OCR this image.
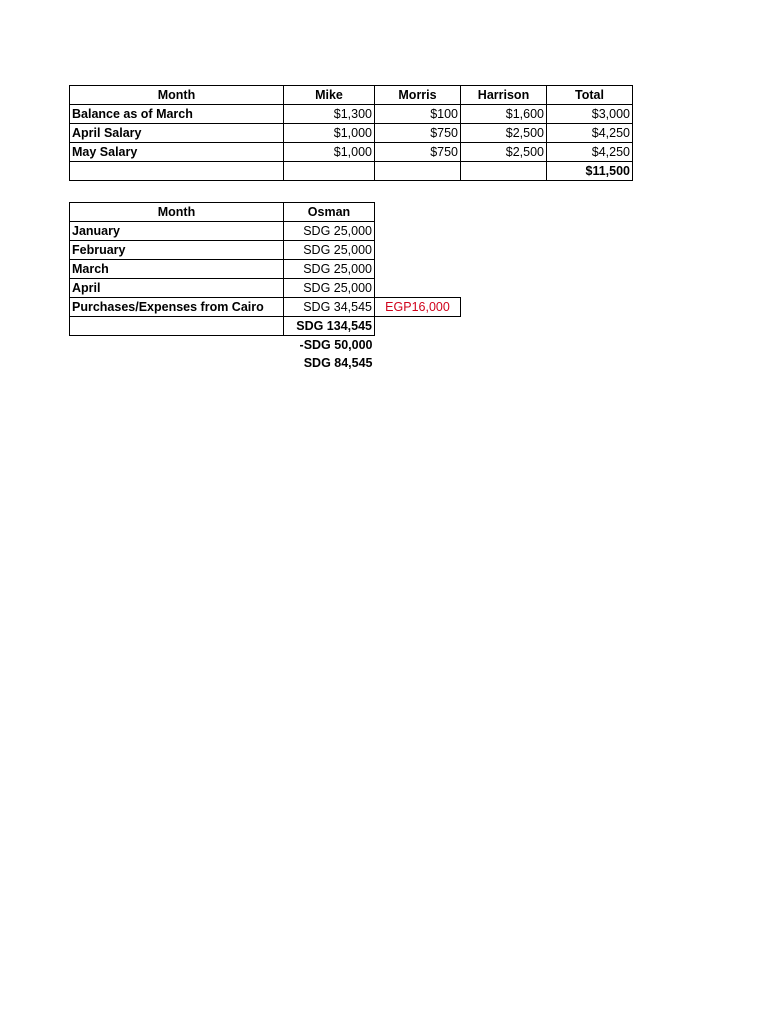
Month	Mike	Morris	Harrison	Total
Balance as of March	$1,300	$100	$1,600	$3,000
April Salary	$1,000	$750	$2,500	$4,250
May Salary	$1,000	$750	$2,500	$4,250
				$11,500
Month	Osman	
January	SDG 25,000	
February	SDG 25,000	
March	SDG 25,000	
April	SDG 25,000	
Purchases/Expenses from Cairo	SDG 34,545	EGP16,000
	SDG 134,545	
	-SDG 50,000	
	SDG 84,545	
